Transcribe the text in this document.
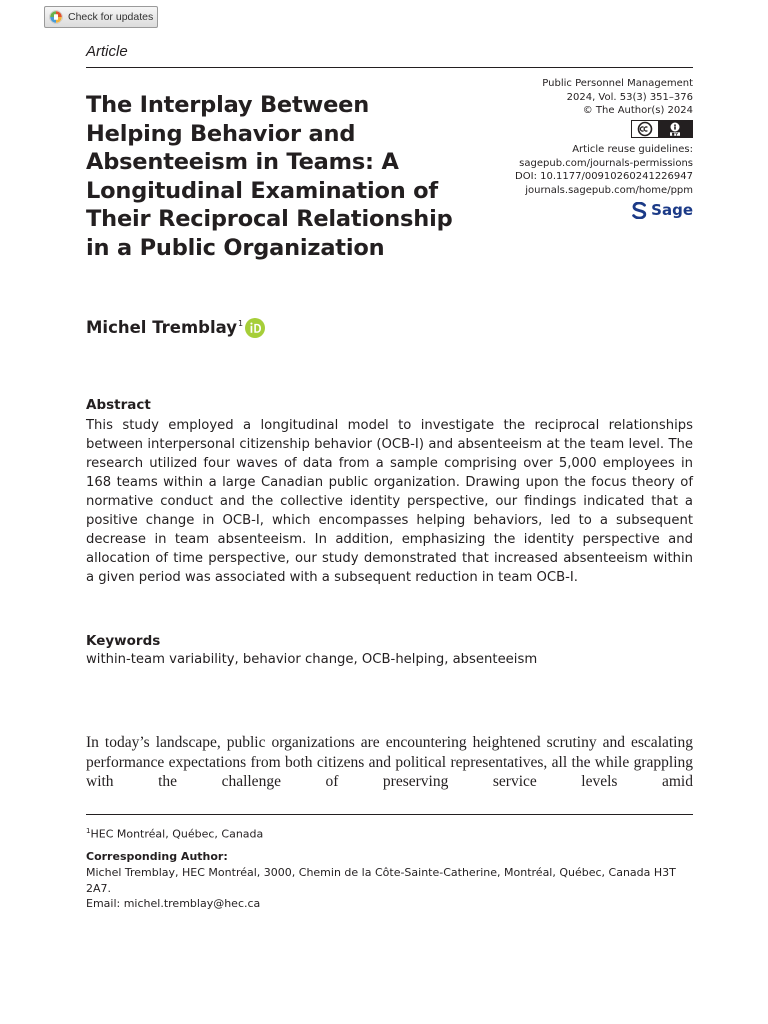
Check for updates
Article
The Interplay Between
Helping Behavior and
Absenteeism in Teams: A
Longitudinal Examination of
Their Reciprocal Relationship
in a Public Organization
Public Personnel Management
2024, Vol. 53(3) 351–376
© The Author(s) 2024
Article reuse guidelines:
sagepub.com/journals-permissions
DOI: 10.1177/00910260241226947
journals.sagepub.com/home/ppm
Sage
Michel Tremblay$^1$
Abstract

This study employed a longitudinal model to investigate the reciprocal relationships between interpersonal citizenship behavior (OCB-I) and absenteeism at the team level. The research utilized four waves of data from a sample comprising over 5,000 employees in 168 teams within a large Canadian public organization. Drawing upon the focus theory of normative conduct and the collective identity perspective, our findings indicated that a positive change in OCB-I, which encompasses helping behaviors, led to a subsequent decrease in team absenteeism. In addition, emphasizing the identity perspective and allocation of time perspective, our study demonstrated that increased absenteeism within a given period was associated with a subsequent reduction in team OCB-I.

Keywords

within-team variability, behavior change, OCB-helping, absenteeism

In today’s landscape, public organizations are encountering heightened scrutiny and escalating performance expectations from both citizens and political representatives, all the while grappling with the challenge of preserving service levels amid

$^1$HEC Montréal, Québec, Canada

Corresponding Author:

Michel Tremblay, HEC Montréal, 3000, Chemin de la Côte-Sainte-Catherine, Montréal, Québec, Canada H3T 2A7.

Email: michel.tremblay@hec.ca
